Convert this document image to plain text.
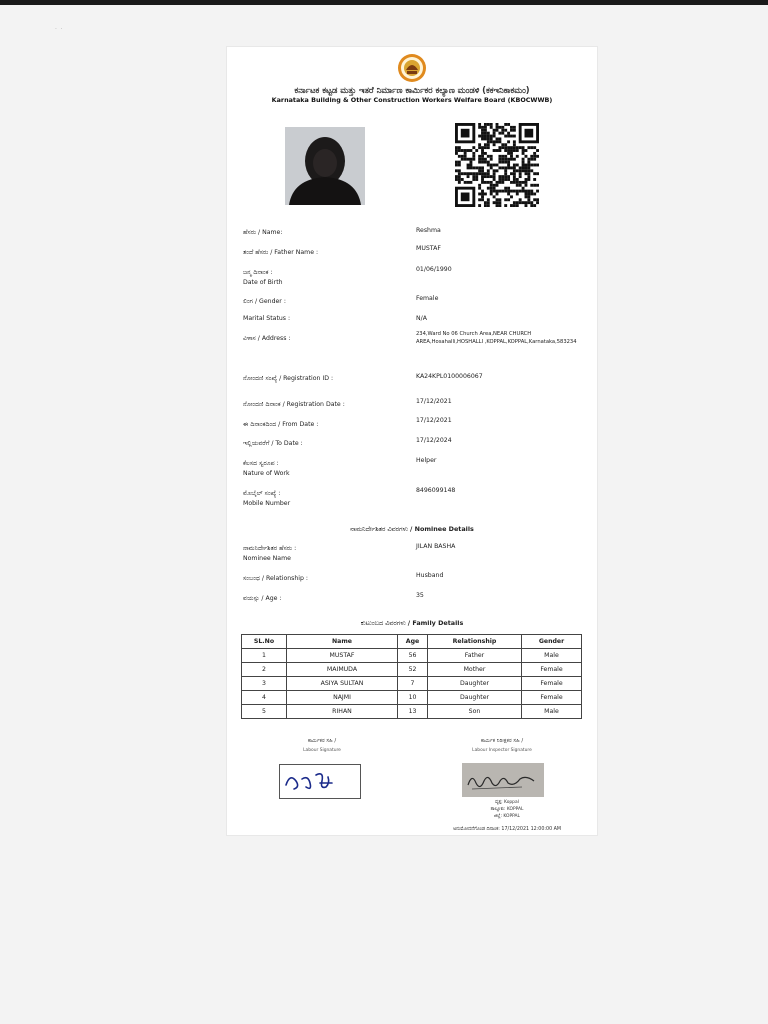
·  ·
ಕರ್ನಾಟಕ ಕಟ್ಟಡ ಮತ್ತು ಇತರೆ ನಿರ್ಮಾಣ ಕಾರ್ಮಿಕರ ಕಲ್ಯಾಣ ಮಂಡಳಿ (ಕಕಇನಿಕಾಕಮಂ)
Karnataka Building & Other Construction Workers Welfare Board (KBOCWWB)
ಹೆಸರು / Name:	Reshma
ತಂದೆ ಹೆಸರು / Father Name :
MUSTAF
ಜನ್ಮ ದಿನಾಂಕ :
Date of Birth
01/06/1990
ಲಿಂಗ / Gender :	Female
Marital Status :	N/A
ವಿಳಾಸ / Address :
234,Ward No 06 Church Area,NEAR CHURCH AREA,Hosahalli,HOSHALLI ,KOPPAL,KOPPAL,Karnataka,583234
ನೋಂದಣಿ ಸಂಖ್ಯೆ / Registration ID :	KA24KPL0100006067
ನೋಂದಣಿ ದಿನಾಂಕ / Registration Date :	17/12/2021
ಈ ದಿನಾಂಕದಿಂದ / From Date :
17/12/2021
ಇಲ್ಲಿಯವರೆಗೆ / To Date :	17/12/2024
ಕೆಲಸದ ಸ್ವರೂಪ :
Nature of Work
Helper
ಮೊಬೈಲ್ ಸಂಖ್ಯೆ :
Mobile Number
8496099148
ನಾಮನಿರ್ದೇಶಿತರ ವಿವರಗಳು / Nominee Details
ನಾಮನಿರ್ದೇಶಿತರ ಹೆಸರು :
Nominee Name
JILAN BASHA
ಸಂಬಂಧ / Relationship :	Husband
ವಯಸ್ಸು / Age :	35
ಕುಟುಂಬದ ವಿವರಗಳು / Family Details
SL.No	Name	Age	Relationship	Gender
1	MUSTAF	56	Father	Male
2	MAIMUDA	52	Mother	Female
3	ASIYA SULTAN	7	Daughter	Female
4	NAJMI	10	Daughter	Female
5	RIHAN	13	Son	Male
ಕಾರ್ಮಿಕರ ಸಹಿ /
Labour Signature
ಕಾರ್ಮಿಕ ನಿರೀಕ್ಷಕರ ಸಹಿ /
Labour Inspector Signature
ವೃತ್ತ: Koppal
ತಾಲ್ಲೂಕು: KOPPAL
ಜಿಲ್ಲೆ: KOPPAL
ಅನುಮೋದನೆಗೊಂಡ ದಿನಾಂಕ: 17/12/2021 12:00:00 AM
